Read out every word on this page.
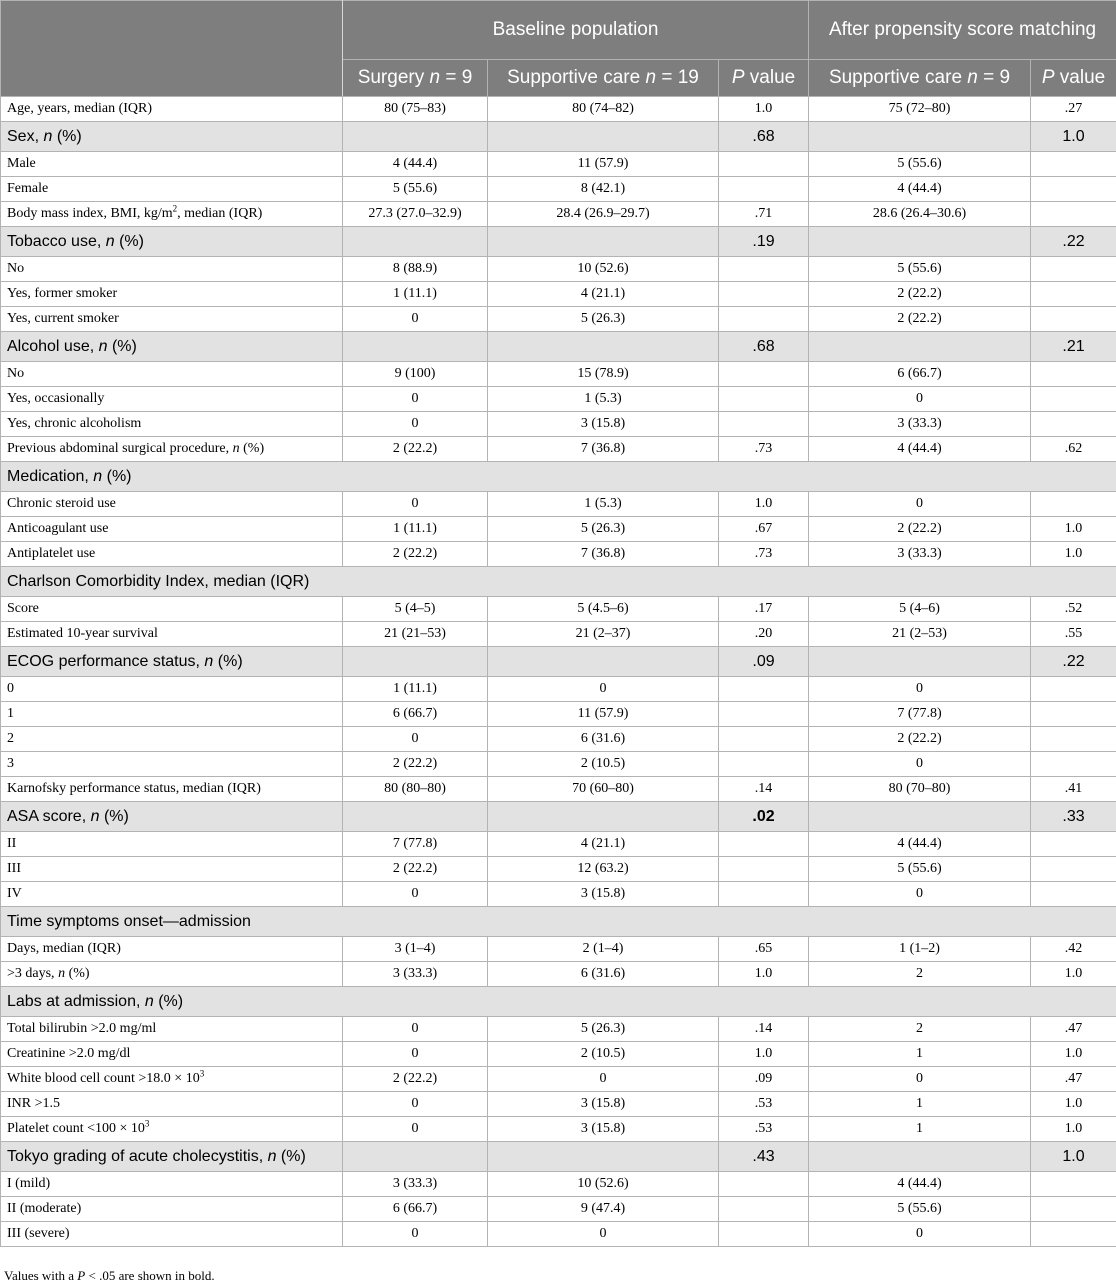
	Baseline population			After propensity score matching	
	Surgery n = 9	Supportive care n = 19	P value	Supportive care n = 9	P value
Age, years, median (IQR)	80 (75–83)	80 (74–82)	1.0	75 (72–80)	.27
Sex, n (%)			.68		1.0
Male	4 (44.4)	11 (57.9)		5 (55.6)	
Female	5 (55.6)	8 (42.1)		4 (44.4)	
Body mass index, BMI, $kg/m^2$, median (IQR)	27.3 (27.0–32.9)	28.4 (26.9–29.7)	.71	28.6 (26.4–30.6)	
Tobacco use, n (%)			.19		.22
No	8 (88.9)	10 (52.6)		5 (55.6)	
Yes, former smoker	1 (11.1)	4 (21.1)		2 (22.2)	
Yes, current smoker	0	5 (26.3)		2 (22.2)	
Alcohol use, n (%)			.68		.21
No	9 (100)	15 (78.9)		6 (66.7)	
Yes, occasionally	0	1 (5.3)		0	
Yes, chronic alcoholism	0	3 (15.8)		3 (33.3)	
Previous abdominal surgical procedure, n (%)	2 (22.2)	7 (36.8)	.73	4 (44.4)	.62
Medication, n (%)					
Chronic steroid use	0	1 (5.3)	1.0	0	
Anticoagulant use	1 (11.1)	5 (26.3)	.67	2 (22.2)	1.0
Antiplatelet use	2 (22.2)	7 (36.8)	.73	3 (33.3)	1.0
Charlson Comorbidity Index, median (IQR)					
Score	5 (4–5)	5 (4.5–6)	.17	5 (4–6)	.52
Estimated 10-year survival	21 (21–53)	21 (2–37)	.20	21 (2–53)	.55
ECOG performance status, n (%)			.09		.22
0	1 (11.1)	0		0	
1	6 (66.7)	11 (57.9)		7 (77.8)	
2	0	6 (31.6)		2 (22.2)	
3	2 (22.2)	2 (10.5)		0	
Karnofsky performance status, median (IQR)	80 (80–80)	70 (60–80)	.14	80 (70–80)	.41
ASA score, n (%)			.02		.33
II	7 (77.8)	4 (21.1)		4 (44.4)	
III	2 (22.2)	12 (63.2)		5 (55.6)	
IV	0	3 (15.8)		0	
Time symptoms onset—admission					
Days, median (IQR)	3 (1–4)	2 (1–4)	.65	1 (1–2)	.42
>3 days, n (%)	3 (33.3)	6 (31.6)	1.0	2	1.0
Labs at admission, n (%)					
Total bilirubin >2.0 mg/ml	0	5 (26.3)	.14	2	.47
Creatinine >2.0 mg/dl	0	2 (10.5)	1.0	1	1.0
White blood cell count $>18.0 \times 10^3$	2 (22.2)	0	.09	0	.47
INR >1.5	0	3 (15.8)	.53	1	1.0
Platelet count $<100 \times 10^3$	0	3 (15.8)	.53	1	1.0
Tokyo grading of acute cholecystitis, n (%)			.43		1.0
I (mild)	3 (33.3)	10 (52.6)		4 (44.4)	
II (moderate)	6 (66.7)	9 (47.4)		5 (55.6)	
III (severe)	0	0		0	
Values with a P < .05 are shown in bold.
